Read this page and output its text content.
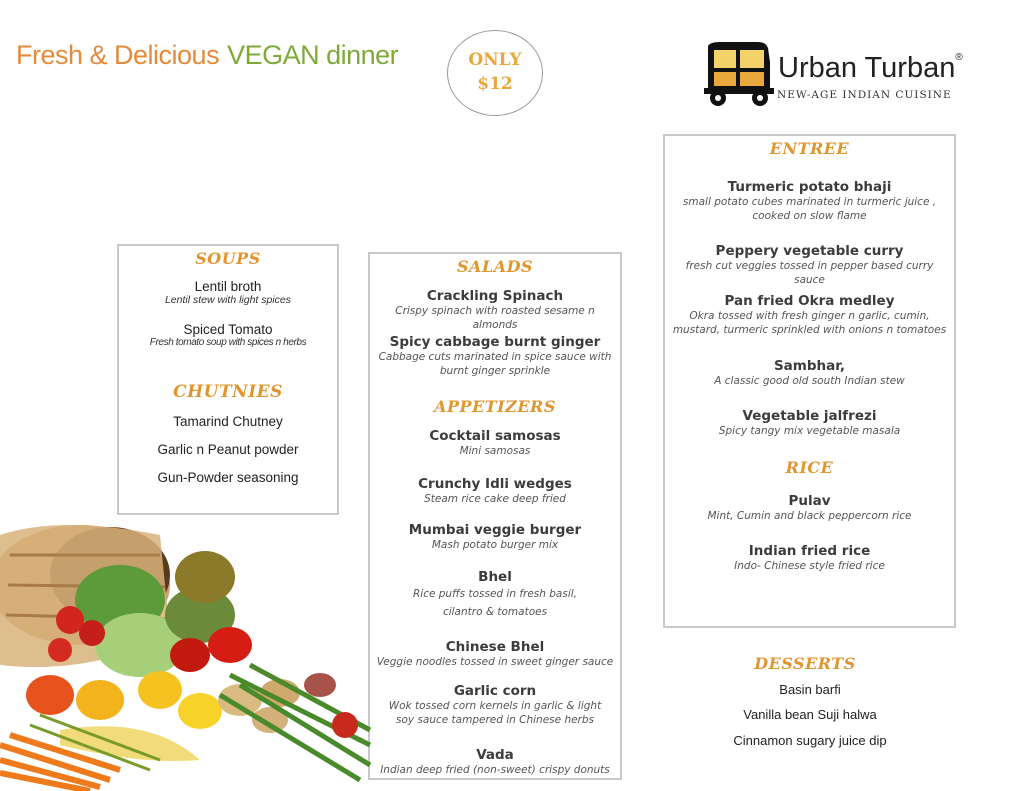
Fresh & Delicious VEGAN dinner	ONLY
$12	Urban Turban®
NEW-AGE INDIAN CUISINE
SOUPS
Lentil broth
Lentil stew with light spices
Spiced Tomato
Fresh tomato soup with spices n herbs
CHUTNIES
Tamarind Chutney
Garlic n Peanut powder
Gun-Powder seasoning
SALADS
Crackling Spinach
Crispy spinach with roasted sesame n almonds
Spicy cabbage burnt ginger
Cabbage cuts marinated in spice sauce with burnt ginger sprinkle
APPETIZERS
Cocktail samosas
Mini samosas
Crunchy Idli wedges
Steam rice cake deep fried
Mumbai veggie burger
Mash potato burger mix
Bhel
Rice puffs tossed in fresh basil, cilantro & tomatoes
Chinese Bhel
Veggie noodles tossed in sweet ginger sauce
Garlic corn
Wok tossed corn kernels in garlic & light soy sauce tampered in Chinese herbs
Vada
Indian deep fried (non-sweet) crispy donuts
ENTREE
Turmeric potato bhaji
small potato cubes marinated in turmeric juice , cooked on slow flame
Peppery vegetable curry
fresh cut veggies tossed in pepper based curry sauce
Pan fried Okra medley
Okra tossed with fresh ginger n garlic, cumin, mustard, turmeric sprinkled with onions n tomatoes
Sambhar,
A classic good old south Indian stew
Vegetable jalfrezi
Spicy tangy mix vegetable masala
RICE
Pulav
Mint, Cumin and black peppercorn rice
Indian fried rice
Indo- Chinese style fried rice
DESSERTS
Basin barfi
Vanilla bean Suji halwa
Cinnamon sugary juice dip
